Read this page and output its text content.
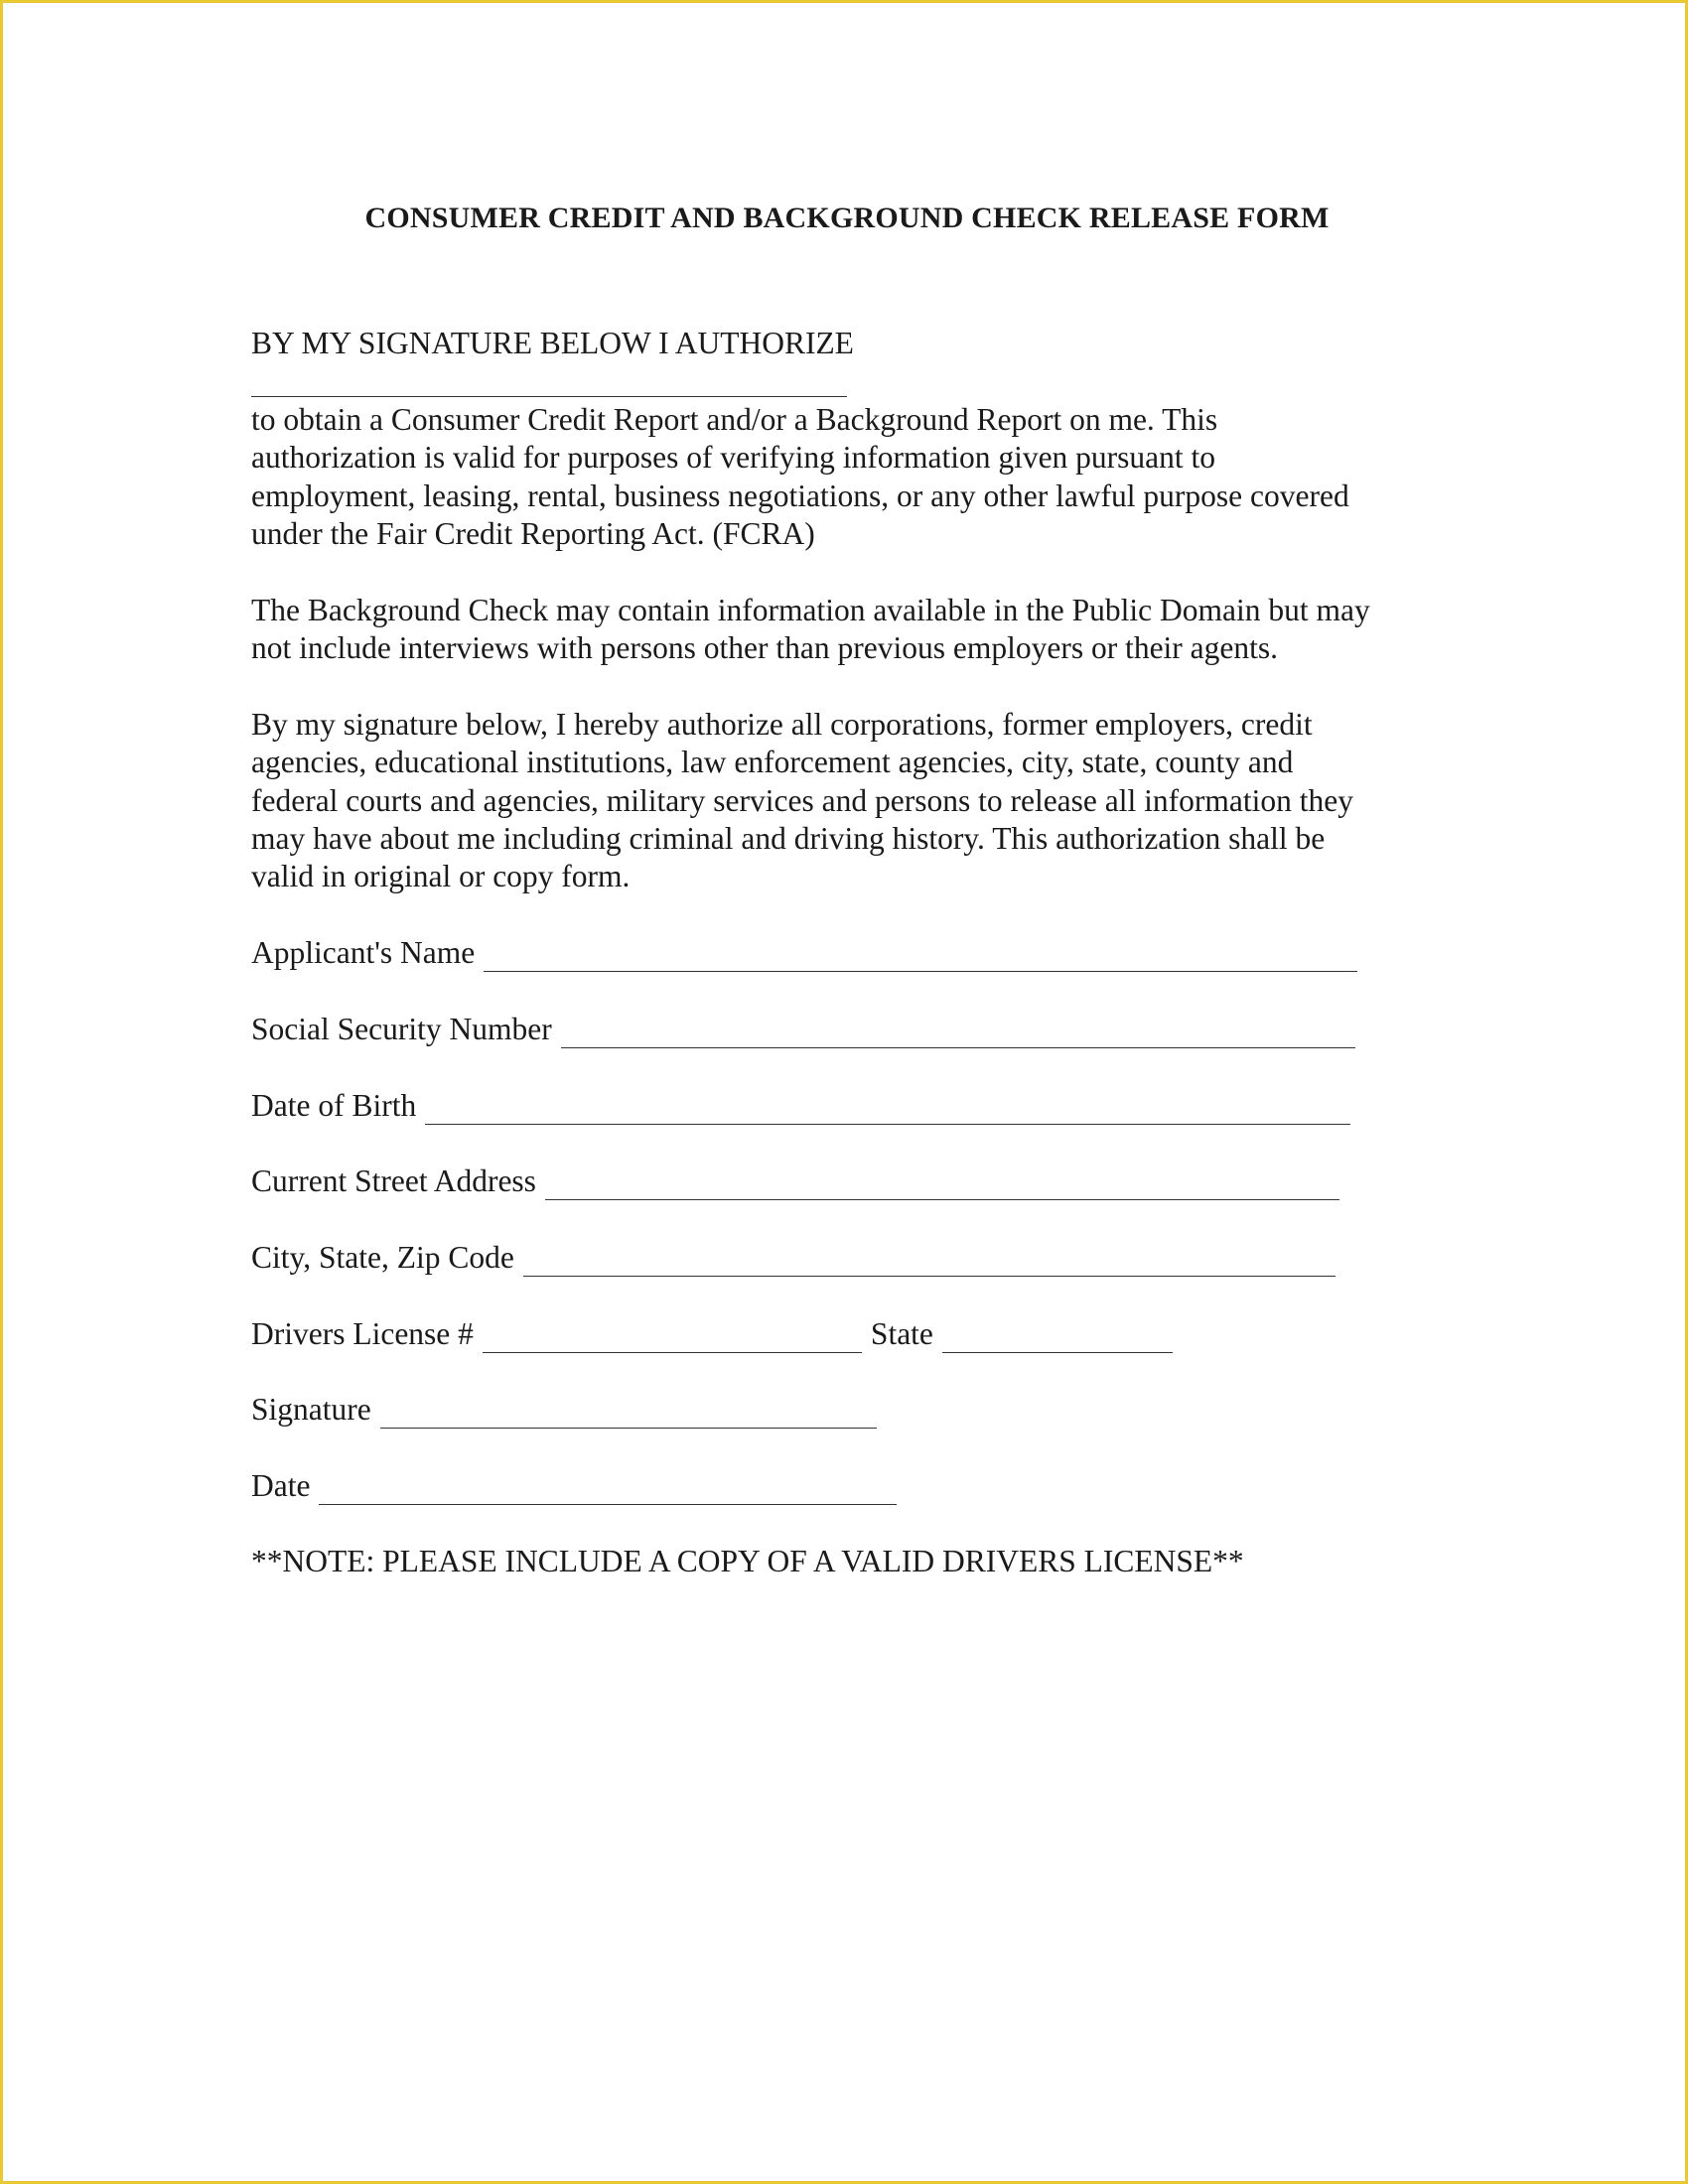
CONSUMER CREDIT AND BACKGROUND CHECK RELEASE FORM

BY MY SIGNATURE BELOW I AUTHORIZE

to obtain a Consumer Credit Report and/or a Background Report on me. This
authorization is valid for purposes of verifying information given pursuant to
employment, leasing, rental, business negotiations, or any other lawful purpose covered
under the Fair Credit Reporting Act. (FCRA)
The Background Check may contain information available in the Public Domain but may
not include interviews with persons other than previous employers or their agents.
By my signature below, I hereby authorize all corporations, former employers, credit
agencies, educational institutions, law enforcement agencies, city, state, county and
federal courts and agencies, military services and persons to release all information they
may have about me including criminal and driving history. This authorization shall be
valid in original or copy form.
Applicant's Name
Social Security Number
Date of Birth
Current Street Address
City, State, Zip Code
Drivers License #	State
Signature
Date

**NOTE: PLEASE INCLUDE A COPY OF A VALID DRIVERS LICENSE**
